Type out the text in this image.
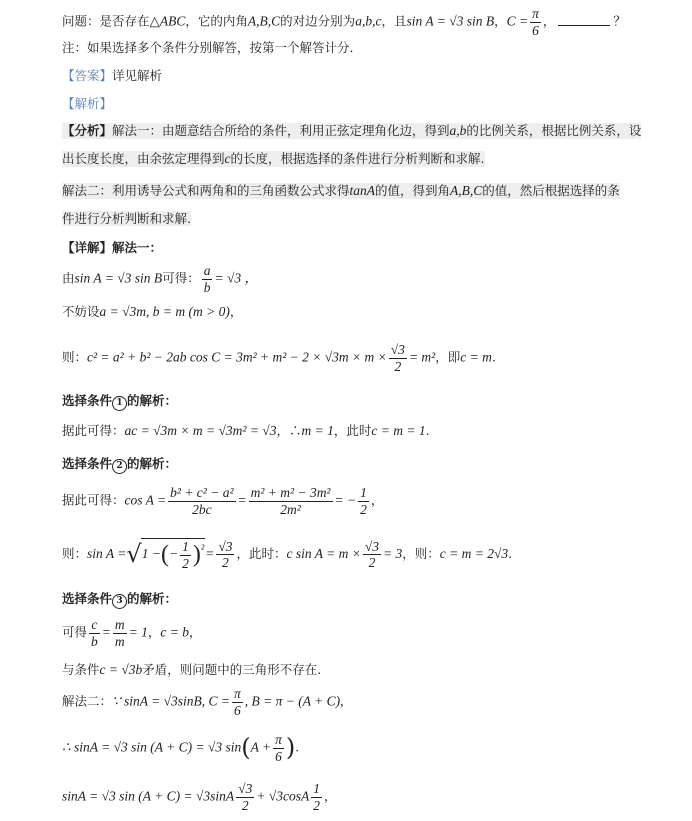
问题：是否存在△ABC，它的内角A,B,C的对边分别为a,b,c，且sin A = √3 sin B，$C = \frac{\pi}{6}$ ，	？
注：如果选择多个条件分别解答，按第一个解答计分．
【答案】详见解析
【解析】
【分析】解法一：由题意结合所给的条件，利用正弦定理角化边，得到a,b的比例关系，根据比例关系，设
出长度长度，由余弦定理得到c的长度，根据选择的条件进行分析判断和求解.
解法二：利用诱导公式和两角和的三角函数公式求得tanA的值，得到角A,B,C的值，然后根据选择的条
件进行分析判断和求解.
【详解】解法一：
由sin A = √3 sin B可得： $\frac{a}{b} = √3$ ，
不妨设a = √3m, b = m (m > 0)，
则：c² = a² + b² − 2ab $\cos C = 3m^2 + m^2 - 2 \times √3m \times m \times \frac{√3}{2} = m^2$，即c = m.
选择条件 1 的解析：
据此可得：ac = √3m × m = √3m² = √3，∴m = 1，此时c = m = 1.
选择条件 2 的解析：
据此可得：$\cos A = \frac{\text{b² + c² − a²}}{2bc} = \frac{\text{m² + m² − 3m²}}{\text{2m²}}$ = − $\frac{1}{2}$ ，
则：sin A =√1 −(− $\frac{1}{2} )^{^2}= \frac{√3}{2}$ ，此时：c $\sin A = m \times \frac{√3}{2} = 3$，则：c = m = 2√3.
选择条件 3 的解析：
可得 $\frac{c}{b} = \frac{m}{m} = 1$，c = b，
与条件c = √3b矛盾，则问题中的三角形不存在.
解法二：∵ sinA = √3sinB, $C = \frac{\pi}{6}$ , B = π − (A + C),
∴ sinA = √3 sin (A + C) = √3 $\sin(A + \frac{\pi}{6}$ ).
sinA = √3 $\sin (A + C) = √3\sin A \frac{√3}{2} + √3\cos A \frac{1}{2}$ ，
